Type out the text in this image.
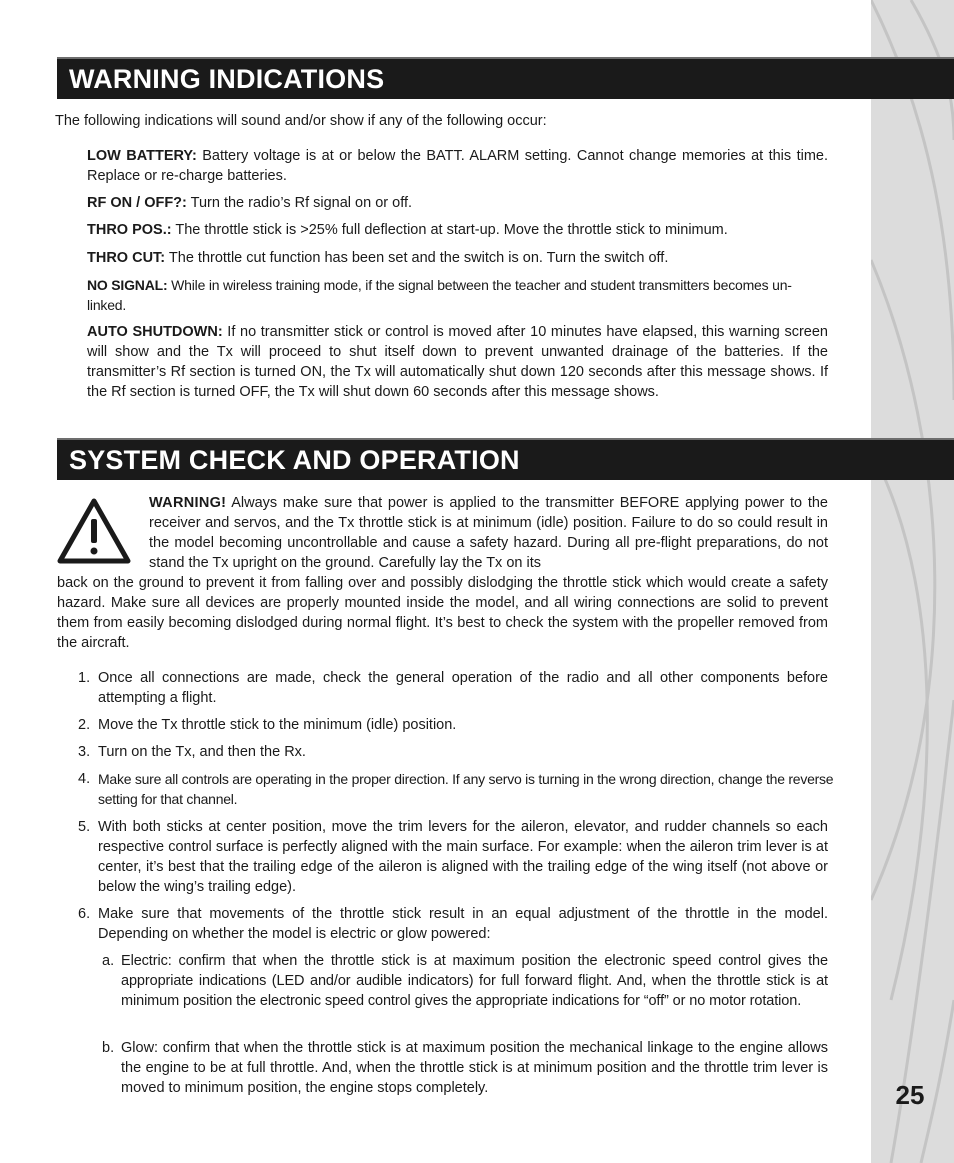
25
WARNING INDICATIONS
The following indications will sound and/or show if any of the following occur:
LOW BATTERY: Battery voltage is at or below the BATT. ALARM setting. Cannot change memories at this time. Replace or re-charge batteries.
RF ON / OFF?: Turn the radio’s Rf signal on or off.
THRO POS.: The throttle stick is >25% full deflection at start-up. Move the throttle stick to minimum.
THRO CUT: The throttle cut function has been set and the switch is on. Turn the switch off.
NO SIGNAL: While in wireless training mode, if the signal between the teacher and student transmitters becomes un-linked.
AUTO SHUTDOWN: If no transmitter stick or control is moved after 10 minutes have elapsed, this warning screen will show and the Tx will proceed to shut itself down to prevent unwanted drainage of the batteries. If the transmitter’s Rf section is turned ON, the Tx will automatically shut down 120 seconds after this message shows. If the Rf section is turned OFF, the Tx will shut down 60 seconds after this message shows.
SYSTEM CHECK AND OPERATION
WARNING! Always make sure that power is applied to the transmitter BEFORE applying power to the receiver and servos, and the Tx throttle stick is at minimum (idle) position. Failure to do so could result in the model becoming uncontrollable and cause a safety hazard. During all pre-flight preparations, do not stand the Tx upright on the ground. Carefully lay the Tx on its
back on the ground to prevent it from falling over and possibly dislodging the throttle stick which would create a safety hazard. Make sure all devices are properly mounted inside the model, and all wiring connections are solid to prevent them from easily becoming dislodged during normal flight. It’s best to check the system with the propeller removed from the aircraft.
1. Once all connections are made, check the general operation of the radio and all other components before attempting a flight.
2. Move the Tx throttle stick to the minimum (idle) position.
3. Turn on the Tx, and then the Rx.
4. Make sure all controls are operating in the proper direction. If any servo is turning in the wrong direction, change the reverse setting for that channel.
5. With both sticks at center position, move the trim levers for the aileron, elevator, and rudder channels so each respective control surface is perfectly aligned with the main surface. For example: when the aileron trim lever is at center, it’s best that the trailing edge of the aileron is aligned with the trailing edge of the wing itself (not above or below the wing’s trailing edge).
6. Make sure that movements of the throttle stick result in an equal adjustment of the throttle in the model. Depending on whether the model is electric or glow powered:
a. Electric: confirm that when the throttle stick is at maximum position the electronic speed control gives the appropriate indications (LED and/or audible indicators) for full forward flight. And, when the throttle stick is at minimum position the electronic speed control gives the appropriate indications for “off” or no motor rotation.
b. Glow: confirm that when the throttle stick is at maximum position the mechanical linkage to the engine allows the engine to be at full throttle. And, when the throttle stick is at minimum position and the throttle trim lever is moved to minimum position, the engine stops completely.
